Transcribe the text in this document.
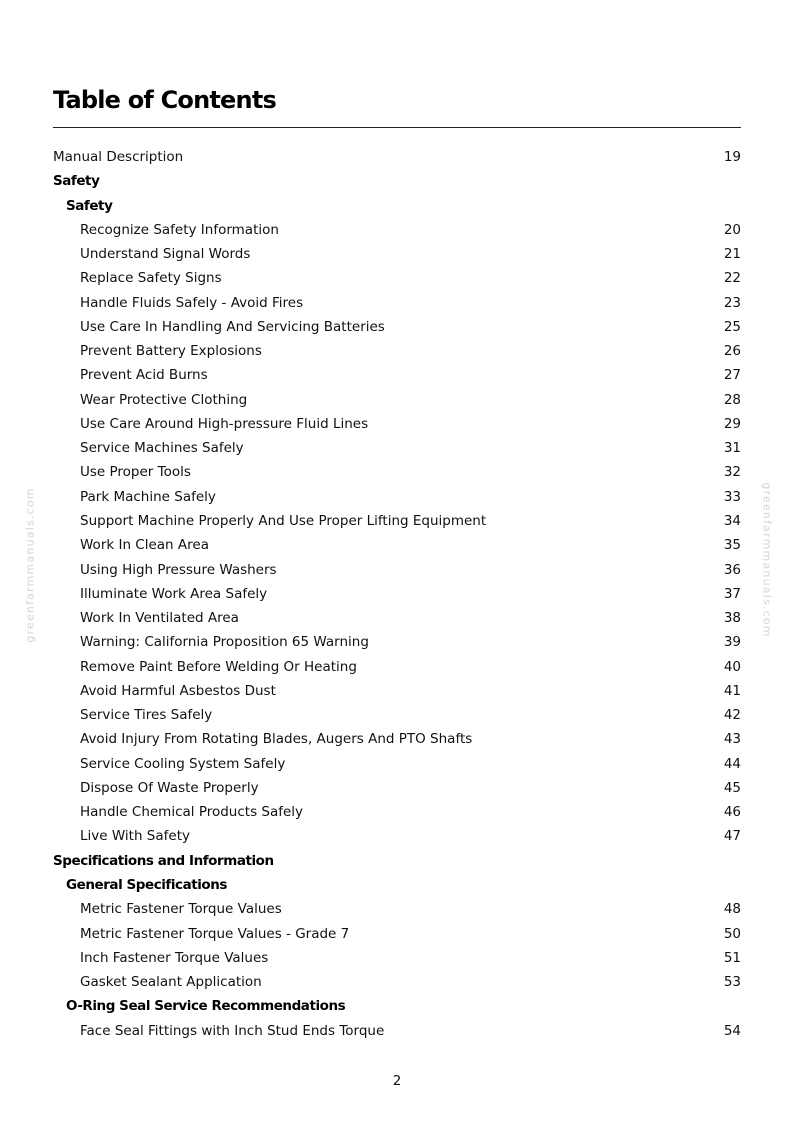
Table of Contents
Manual Description	19
Safety
Safety
Recognize Safety Information	20
Understand Signal Words	21
Replace Safety Signs	22
Handle Fluids Safely - Avoid Fires	23
Use Care In Handling And Servicing Batteries	25
Prevent Battery Explosions	26
Prevent Acid Burns	27
Wear Protective Clothing	28
Use Care Around High-pressure Fluid Lines	29
Service Machines Safely	31
Use Proper Tools	32
Park Machine Safely	33
Support Machine Properly And Use Proper Lifting Equipment	34
Work In Clean Area	35
Using High Pressure Washers	36
Illuminate Work Area Safely	37
Work In Ventilated Area	38
Warning: California Proposition 65 Warning	39
Remove Paint Before Welding Or Heating	40
Avoid Harmful Asbestos Dust	41
Service Tires Safely	42
Avoid Injury From Rotating Blades, Augers And PTO Shafts	43
Service Cooling System Safely	44
Dispose Of Waste Properly	45
Handle Chemical Products Safely	46
Live With Safety	47
Specifications and Information
General Specifications
Metric Fastener Torque Values	48
Metric Fastener Torque Values - Grade 7	50
Inch Fastener Torque Values	51
Gasket Sealant Application	53
O-Ring Seal Service Recommendations
Face Seal Fittings with Inch Stud Ends Torque	54
greenfarmmanuals.com	greenfarmmanuals.com
2
